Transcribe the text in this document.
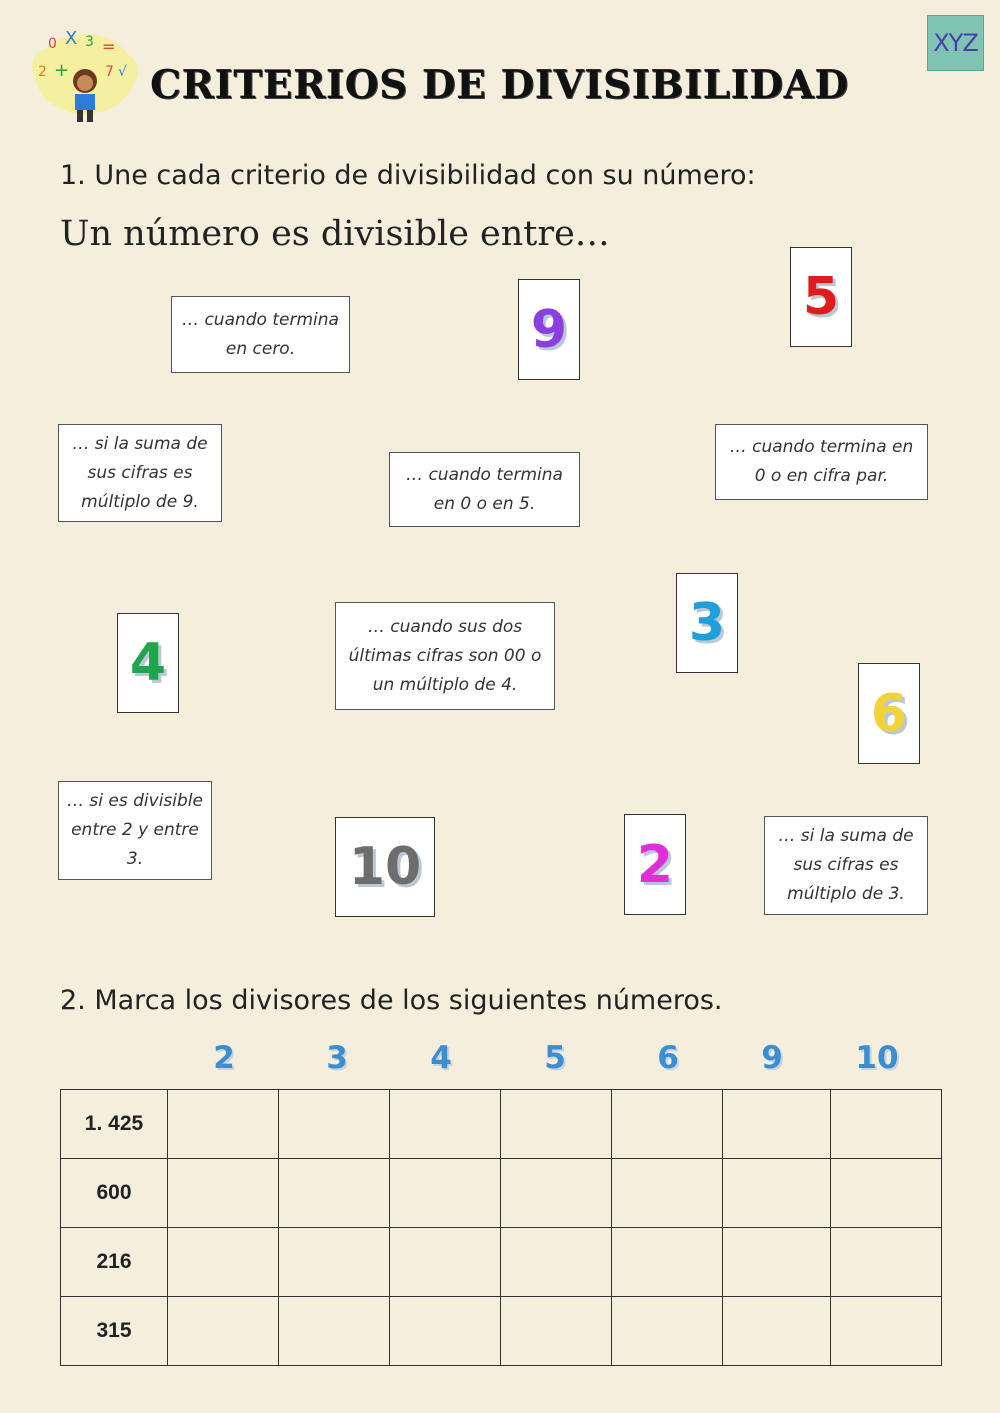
0 X 3 =
2 +	7 √ CRITERIOS DE DIVISIBILIDAD
XYZ
1. Une cada criterio de divisibilidad con su número:
Un número es divisible entre…
… cuando termina en cero.
… si la suma de sus cifras es múltiplo de 9.
… cuando termina en 0 o en 5.
… cuando termina en 0 o en cifra par.
… cuando sus dos últimas cifras son 00 o un múltiplo de 4.
… si es divisible entre 2 y entre 3.
… si la suma de sus cifras es múltiplo de 3.
9
5
4
3
6
10	2
2. Marca los divisores de los siguientes números.
2	3	4	5	6	9	10
1. 425							
600							
216							
315							
